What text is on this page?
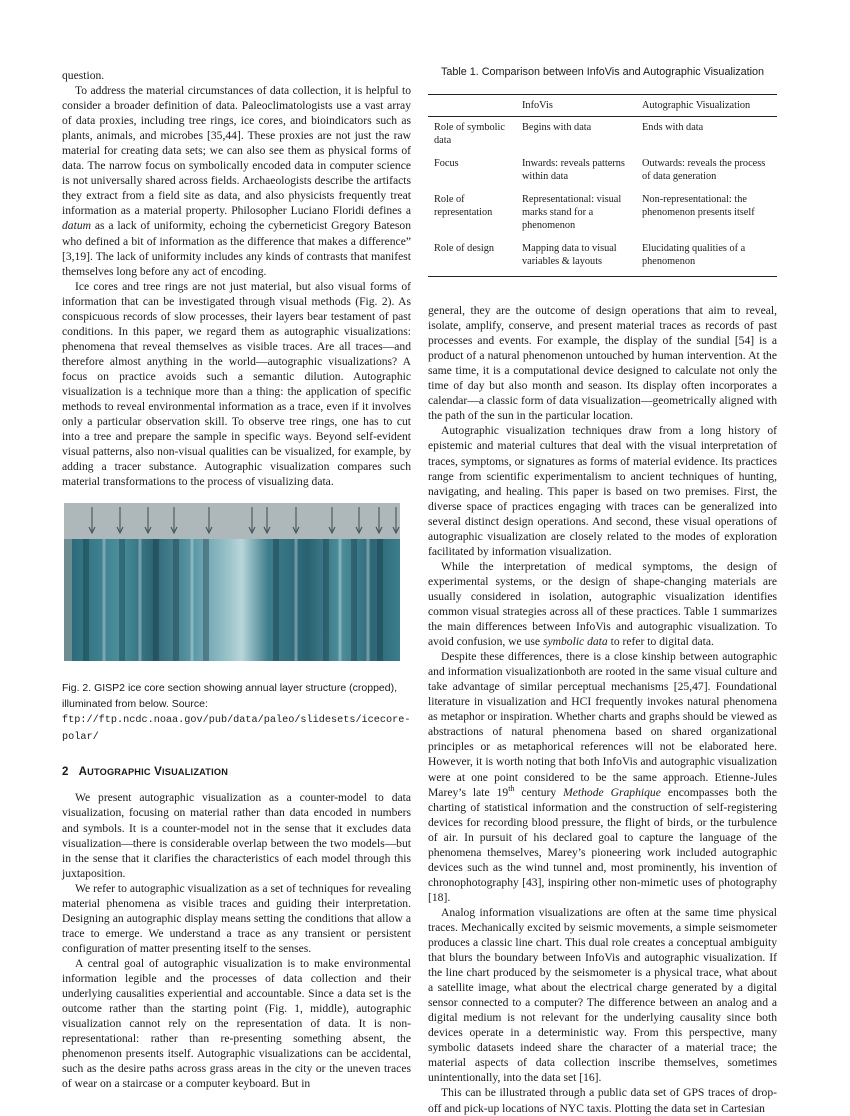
question.

To address the material circumstances of data collection, it is helpful to consider a broader definition of data. Paleoclimatologists use a vast array of data proxies, including tree rings, ice cores, and bioindicators such as plants, animals, and microbes [35,44]. These proxies are not just the raw material for creating data sets; we can also see them as physical forms of data. The narrow focus on symbolically encoded data in computer science is not universally shared across fields. Archaeologists describe the artifacts they extract from a field site as data, and also physicists frequently treat information as a material property. Philosopher Luciano Floridi defines a datum as a lack of uniformity, echoing the cyberneticist Gregory Bateson who defined a bit of information as the difference that makes a difference” [3,19]. The lack of uniformity includes any kinds of contrasts that manifest themselves long before any act of encoding.

Ice cores and tree rings are not just material, but also visual forms of information that can be investigated through visual methods (Fig. 2). As conspicuous records of slow processes, their layers bear testament of past conditions. In this paper, we regard them as autographic visualizations: phenomena that reveal themselves as visible traces. Are all traces—and therefore almost anything in the world—autographic visualizations? A focus on practice avoids such a semantic dilution. Autographic visualization is a technique more than a thing: the application of specific methods to reveal environmental information as a trace, even if it involves only a particular observation skill. To observe tree rings, one has to cut into a tree and prepare the sample in specific ways. Beyond self-evident visual patterns, also non-visual qualities can be visualized, for example, by adding a tracer substance. Autographic visualization compares such material transformations to the process of visualizing data.

Fig. 2. GISP2 ice core section showing annual layer structure (cropped), illuminated from below. Source: ftp://ftp.ncdc.noaa.gov/pub/data/paleo/slidesets/icecore-polar/
2 AUTOGRAPHIC VISUALIZATION

We present autographic visualization as a counter-model to data visualization, focusing on material rather than data encoded in numbers and symbols. It is a counter-model not in the sense that it excludes data visualization—there is considerable overlap between the two models—but in the sense that it clarifies the characteristics of each model through this juxtaposition.

We refer to autographic visualization as a set of techniques for revealing material phenomena as visible traces and guiding their interpretation. Designing an autographic display means setting the conditions that allow a trace to emerge. We understand a trace as any transient or persistent configuration of matter presenting itself to the senses.

A central goal of autographic visualization is to make environmental information legible and the processes of data collection and their underlying causalities experiential and accountable. Since a data set is the outcome rather than the starting point (Fig. 1, middle), autographic visualization cannot rely on the representation of data. It is non-representational: rather than re-presenting something absent, the phenomenon presents itself. Autographic visualizations can be accidental, such as the desire paths across grass areas in the city or the uneven traces of wear on a staircase or a computer keyboard. But in

Table 1. Comparison between InfoVis and Autographic Visualization
	InfoVis	Autographic Visualization
Role of symbolic data	Begins with data	Ends with data
Focus	Inwards: reveals patterns within data	Outwards: reveals the process of data generation
Role of representation	Representational: visual marks stand for a phenomenon	Non-representational: the phenomenon presents itself
Role of design	Mapping data to visual variables & layouts	Elucidating qualities of a phenomenon

general, they are the outcome of design operations that aim to reveal, isolate, amplify, conserve, and present material traces as records of past processes and events. For example, the display of the sundial [54] is a product of a natural phenomenon untouched by human intervention. At the same time, it is a computational device designed to calculate not only the time of day but also month and season. Its display often incorporates a calendar—a classic form of data visualization—geometrically aligned with the path of the sun in the particular location.

Autographic visualization techniques draw from a long history of epistemic and material cultures that deal with the visual interpretation of traces, symptoms, or signatures as forms of material evidence. Its practices range from scientific experimentalism to ancient techniques of hunting, navigating, and healing. This paper is based on two premises. First, the diverse space of practices engaging with traces can be generalized into several distinct design operations. And second, these visual operations of autographic visualization are closely related to the modes of exploration facilitated by information visualization.

While the interpretation of medical symptoms, the design of experimental systems, or the design of shape-changing materials are usually considered in isolation, autographic visualization identifies common visual strategies across all of these practices. Table 1 summarizes the main differences between InfoVis and autographic visualization. To avoid confusion, we use symbolic data to refer to digital data.

Despite these differences, there is a close kinship between autographic and information visualizationboth are rooted in the same visual culture and take advantage of similar perceptual mechanisms [25,47]. Foundational literature in visualization and HCI frequently invokes natural phenomena as metaphor or inspiration. Whether charts and graphs should be viewed as abstractions of natural phenomena based on shared organizational principles or as metaphorical references will not be elaborated here. However, it is worth noting that both InfoVis and autographic visualization were at one point considered to be the same approach. Etienne-Jules Marey’s late 19th century Methode Graphique encompasses both the charting of statistical information and the construction of self-registering devices for recording blood pressure, the flight of birds, or the turbulence of air. In pursuit of his declared goal to capture the language of the phenomena themselves, Marey’s pioneering work included autographic devices such as the wind tunnel and, most prominently, his invention of chronophotography [43], inspiring other non-mimetic uses of photography [18].

Analog information visualizations are often at the same time physical traces. Mechanically excited by seismic movements, a simple seismometer produces a classic line chart. This dual role creates a conceptual ambiguity that blurs the boundary between InfoVis and autographic visualization. If the line chart produced by the seismometer is a physical trace, what about a satellite image, what about the electrical charge generated by a digital sensor connected to a computer? The difference between an analog and a digital medium is not relevant for the underlying causality since both devices operate in a deterministic way. From this perspective, many symbolic datasets indeed share the character of a material trace; the material aspects of data collection inscribe themselves, sometimes unintentionally, into the data set [16].

This can be illustrated through a public data set of GPS traces of drop-off and pick-up locations of NYC taxis. Plotting the data set in Cartesian
